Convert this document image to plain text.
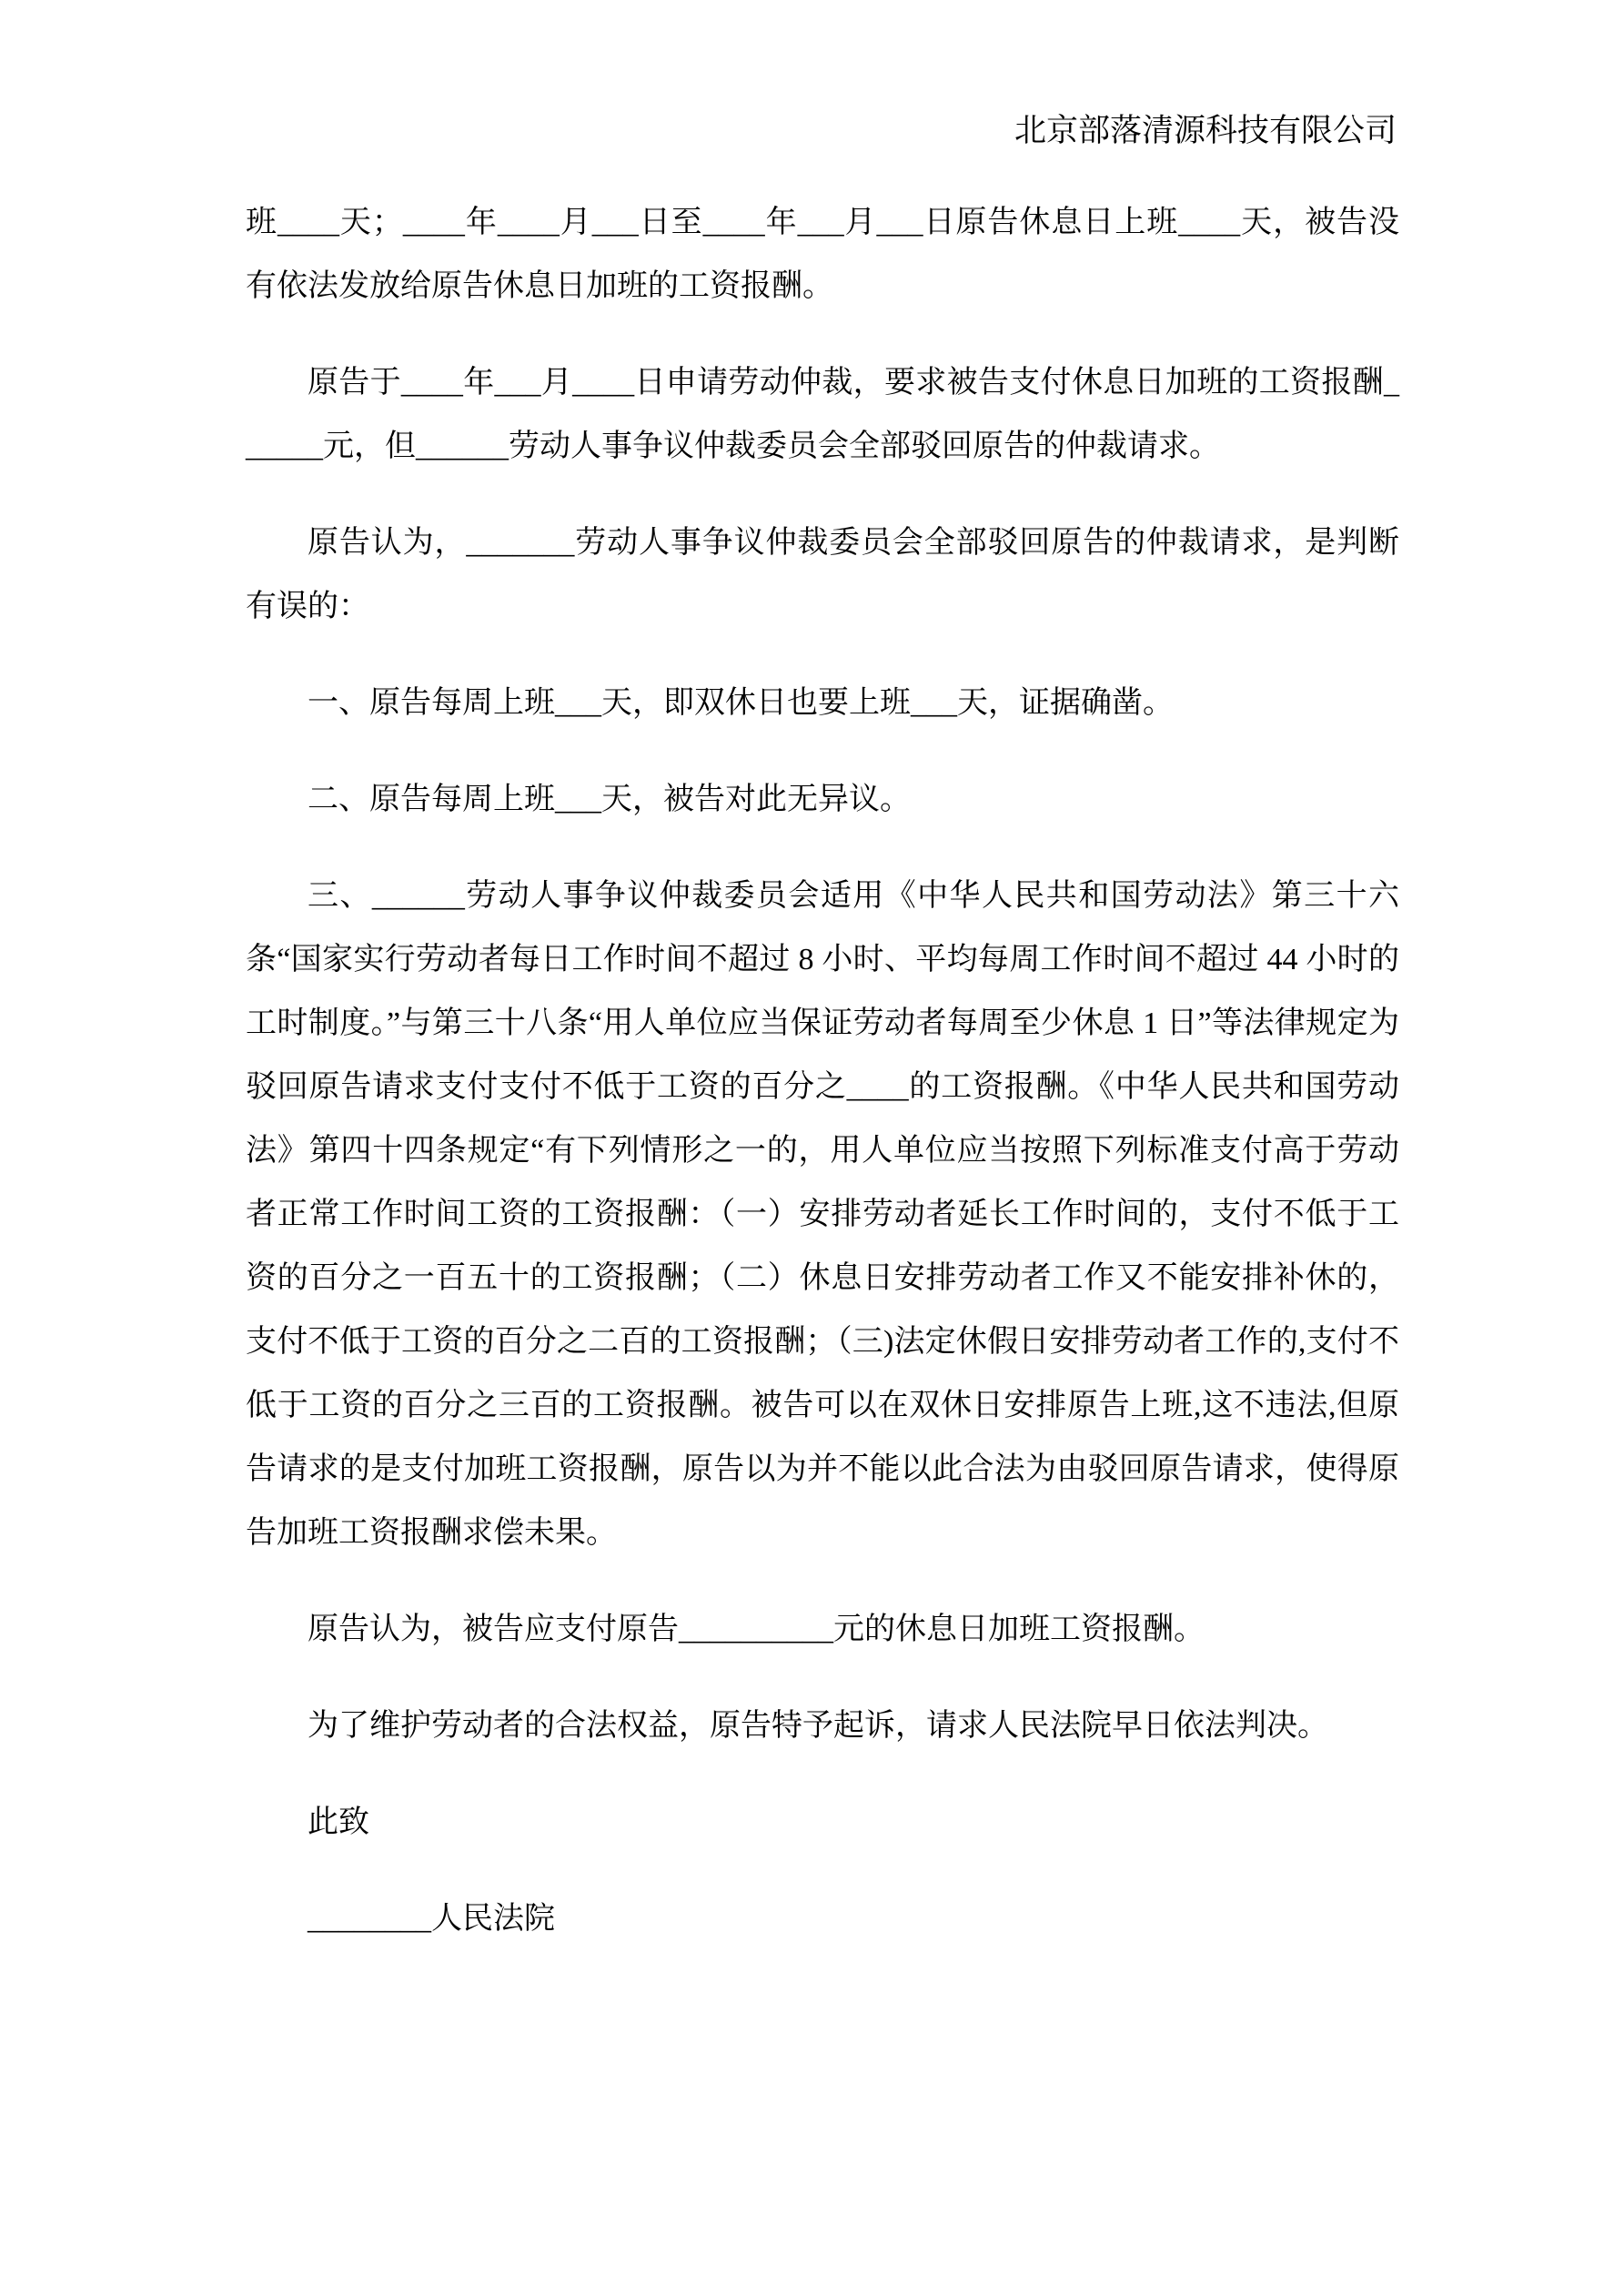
北京部落清源科技有限公司

班____天；____年____月___日至____年___月___日原告休息日上班____天，被告没有依法发放给原告休息日加班的工资报酬。

原告于____年___月____日申请劳动仲裁，要求被告支付休息日加班的工资报酬______元，但______劳动人事争议仲裁委员会全部驳回原告的仲裁请求。

原告认为，_______劳动人事争议仲裁委员会全部驳回原告的仲裁请求，是判断有误的：

一、原告每周上班___天，即双休日也要上班___天，证据确凿。

二、原告每周上班___天，被告对此无异议。

三、______劳动人事争议仲裁委员会适用《中华人民共和国劳动法》第三十六条“国家实行劳动者每日工作时间不超过 8 小时、平均每周工作时间不超过 44 小时的工时制度。”与第三十八条“用人单位应当保证劳动者每周至少休息 1 日”等法律规定为驳回原告请求支付支付不低于工资的百分之____的工资报酬。《中华人民共和国劳动法》第四十四条规定“有下列情形之一的，用人单位应当按照下列标准支付高于劳动者正常工作时间工资的工资报酬：（一）安排劳动者延长工作时间的，支付不低于工资的百分之一百五十的工资报酬；（二）休息日安排劳动者工作又不能安排补休的，支付不低于工资的百分之二百的工资报酬；（三)法定休假日安排劳动者工作的,支付不低于工资的百分之三百的工资报酬。被告可以在双休日安排原告上班,这不违法,但原告请求的是支付加班工资报酬，原告以为并不能以此合法为由驳回原告请求，使得原告加班工资报酬求偿未果。

原告认为，被告应支付原告__________元的休息日加班工资报酬。

为了维护劳动者的合法权益，原告特予起诉，请求人民法院早日依法判决。

此致

________人民法院
